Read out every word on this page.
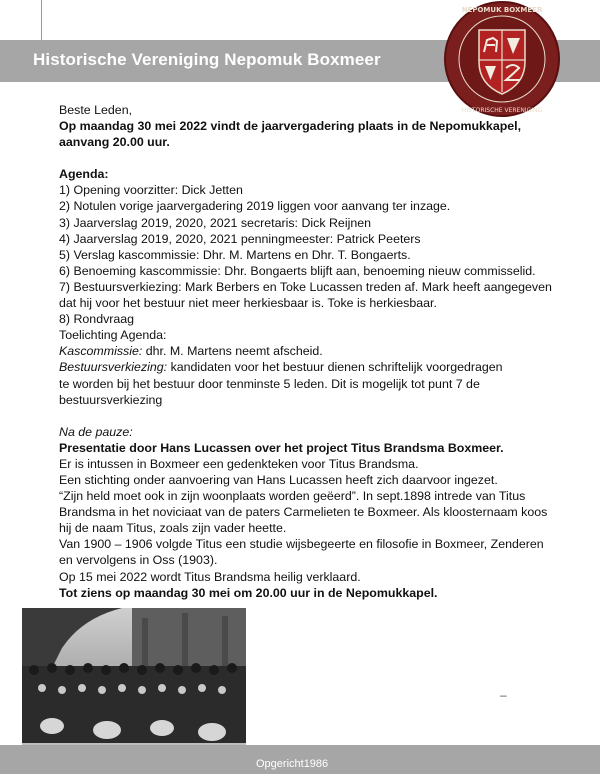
Historische Vereniging Nepomuk Boxmeer
NEPOMUK BOXMEER
HISTORISCHE VERENIGING

Beste Leden,

Op maandag 30 mei 2022 vindt de jaarvergadering plaats in de Nepomukkapel,

aanvang 20.00 uur.

Agenda:

1) Opening voorzitter: Dick Jetten

2) Notulen vorige jaarvergadering 2019 liggen voor aanvang ter inzage.

3) Jaarverslag 2019, 2020, 2021 secretaris: Dick Reijnen

4) Jaarverslag 2019, 2020, 2021 penningmeester: Patrick Peeters

5) Verslag kascommissie: Dhr. M. Martens en Dhr. T. Bongaerts.

6) Benoeming kascommissie: Dhr. Bongaerts blijft aan, benoeming nieuw commisselid.

7) Bestuursverkiezing: Mark Berbers en Toke Lucassen treden af. Mark heeft aangegeven

dat hij voor het bestuur niet meer herkiesbaar is. Toke is herkiesbaar.

8) Rondvraag

Toelichting Agenda:

Kascommissie: dhr. M. Martens neemt afscheid.

Bestuursverkiezing: kandidaten voor het bestuur dienen schriftelijk voorgedragen

te worden bij het bestuur door tenminste 5 leden. Dit is mogelijk tot punt 7 de

bestuursverkiezing

Na de pauze:

Presentatie door Hans Lucassen over het project Titus Brandsma Boxmeer.

Er is intussen in Boxmeer een gedenkteken voor Titus Brandsma.

Een stichting onder aanvoering van Hans Lucassen heeft zich daarvoor ingezet.

“Zijn held moet ook in zijn woonplaats worden geëerd”. In sept.1898 intrede van Titus

Brandsma in het noviciaat van de paters Carmelieten te Boxmeer. Als kloosternaam koos

hij de naam Titus, zoals zijn vader heette.

Van 1900 – 1906 volgde Titus een studie wijsbegeerte en filosofie in Boxmeer, Zenderen

en vervolgens in Oss (1903).

Op 15 mei 2022 wordt Titus Brandsma heilig verklaard.

Tot ziens op maandag 30 mei om 20.00 uur in de Nepomukkapel.

–
Opgericht1986
